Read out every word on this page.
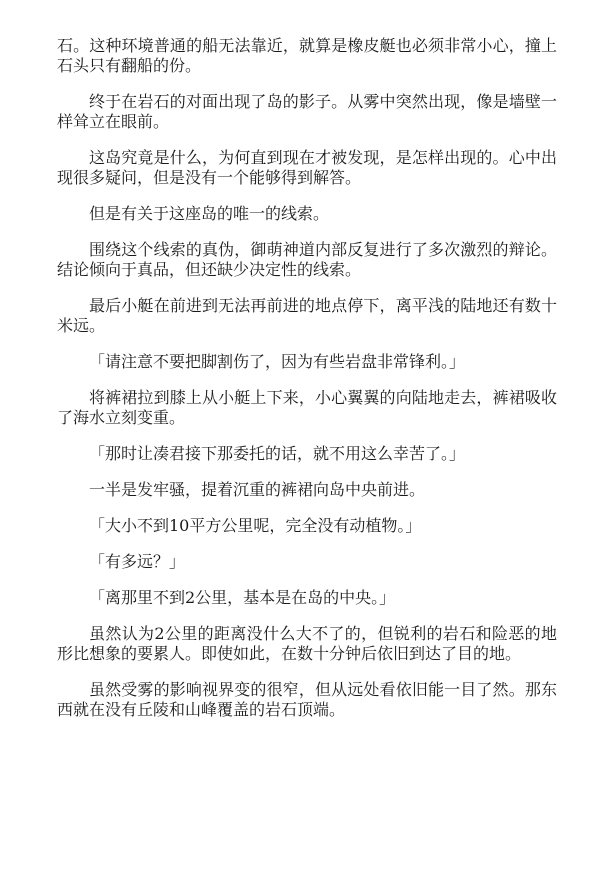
石。这种环境普通的船无法靠近，就算是橡皮艇也必须非常小心，撞上石头只有翻船的份。

终于在岩石的对面出现了岛的影子。从雾中突然出现，像是墙壁一样耸立在眼前。

这岛究竟是什么，为何直到现在才被发现，是怎样出现的。心中出现很多疑问，但是没有一个能够得到解答。

但是有关于这座岛的唯一的线索。

围绕这个线索的真伪，御萌神道内部反复进行了多次激烈的辩论。结论倾向于真品，但还缺少决定性的线索。

最后小艇在前进到无法再前进的地点停下，离平浅的陆地还有数十米远。

「请注意不要把脚割伤了，因为有些岩盘非常锋利。」

将裤裙拉到膝上从小艇上下来，小心翼翼的向陆地走去，裤裙吸收了海水立刻变重。

「那时让凑君接下那委托的话，就不用这么幸苦了。」

一半是发牢骚，提着沉重的裤裙向岛中央前进。

「大小不到10平方公里呢，完全没有动植物。」

「有多远？」

「离那里不到2公里，基本是在岛的中央。」

虽然认为2公里的距离没什么大不了的，但锐利的岩石和险恶的地形比想象的要累人。即使如此，在数十分钟后依旧到达了目的地。

虽然受雾的影响视界变的很窄，但从远处看依旧能一目了然。那东西就在没有丘陵和山峰覆盖的岩石顶端。
